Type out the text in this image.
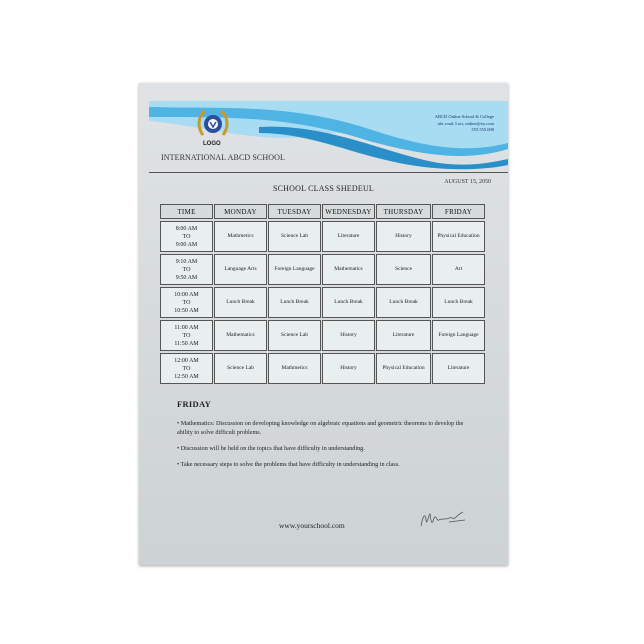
LOGO
ABCD Online School & College
abc road. Lori, online@xx.com
555.555.000
INTERNATIONAL ABCD SCHOOL
AUGUST 15, 2050
SCHOOL CLASS SHEDEUL
TIME	MONDAY	TUESDAY	WEDNESDAY	THURSDAY	FRIDAY
8:00 AM
TO
9:00 AM
Mathmetics	Science Lab	Literature	History	Physical Education
9:10 AM
TO
9:50 AM
Language Arts	Foreign Language	Mathematics	Science	Art
10:00 AM
TO
10:50 AM
Lunch Break	Lunch Break	Lunch Break	Lunch Break	Lunch Break
11:00 AM
TO
11:50 AM
Mathematics	Science Lab	History	Literature	Foreign Language
12:00 AM
TO
12:50 AM
Science Lab	Mathmetics	History	Physical Education	Literature
FRIDAY

• Mathematics: Discussion on developing knowledge on algebraic equations and geometric theorems to develop the ability to solve difficult problems.

• Discussion will be held on the topics that have difficulty in understanding.

• Take necessary steps to solve the problems that have difficulty in understanding in class.

www.yourschool.com
